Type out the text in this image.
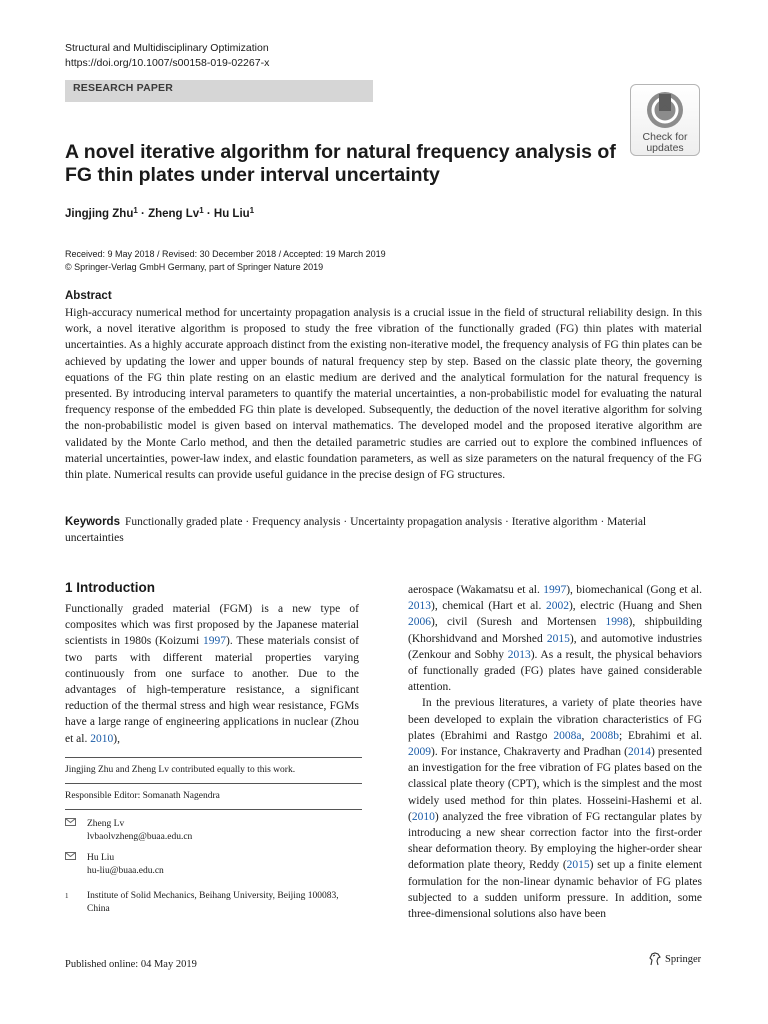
Structural and Multidisciplinary Optimization
https://doi.org/10.1007/s00158-019-02267-x
RESEARCH PAPER
Check for
updates
A novel iterative algorithm for natural frequency analysis of FG thin plates under interval uncertainty
Jingjing Zhu$^1$ · Zheng $Lv^1 \cdot Hu$ Liu$^1$
Received: 9 May 2018 / Revised: 30 December 2018 / Accepted: 19 March 2019
© Springer-Verlag GmbH Germany, part of Springer Nature 2019
Abstract

High-accuracy numerical method for uncertainty propagation analysis is a crucial issue in the field of structural reliability design. In this work, a novel iterative algorithm is proposed to study the free vibration of the functionally graded (FG) thin plates with material uncertainties. As a highly accurate approach distinct from the existing non-iterative model, the frequency analysis of FG thin plates can be achieved by updating the lower and upper bounds of natural frequency step by step. Based on the classic plate theory, the governing equations of the FG thin plate resting on an elastic medium are derived and the analytical formulation for the natural frequency is presented. By introducing interval parameters to quantify the material uncertainties, a non-probabilistic model for evaluating the natural frequency response of the embedded FG thin plate is developed. Subsequently, the deduction of the novel iterative algorithm for solving the non-probabilistic model is given based on interval mathematics. The developed model and the proposed iterative algorithm are validated by the Monte Carlo method, and then the detailed parametric studies are carried out to explore the combined influences of material uncertainties, power-law index, and elastic foundation parameters, as well as size parameters on the natural frequency of the FG thin plate. Numerical results can provide useful guidance in the precise design of FG structures.

Keywords Functionally graded plate · Frequency analysis · Uncertainty propagation analysis · Iterative algorithm · Material uncertainties
1 Introduction

Functionally graded material (FGM) is a new type of composites which was first proposed by the Japanese material scientists in 1980s (Koizumi 1997). These materials consist of two parts with different material properties varying continuously from one surface to another. Due to the advantages of high-temperature resistance, a significant reduction of the thermal stress and high wear resistance, FGMs have a large range of engineering applications in nuclear (Zhou et al. 2010),

Jingjing Zhu and Zheng Lv contributed equally to this work.
Responsible Editor: Somanath Nagendra
Zheng Lv
lvbaolvzheng@buaa.edu.cn
Hu Liu
hu-liu@buaa.edu.cn
1	Institute of Solid Mechanics, Beihang University, Beijing 100083, China

aerospace (Wakamatsu et al. 1997), biomechanical (Gong et al. 2013), chemical (Hart et al. 2002), electric (Huang and Shen 2006), civil (Suresh and Mortensen 1998), shipbuilding (Khorshidvand and Morshed 2015), and automotive industries (Zenkour and Sobhy 2013). As a result, the physical behaviors of functionally graded (FG) plates have gained considerable attention.

In the previous literatures, a variety of plate theories have been developed to explain the vibration characteristics of FG plates (Ebrahimi and Rastgo 2008a, 2008b; Ebrahimi et al. 2009). For instance, Chakraverty and Pradhan (2014) presented an investigation for the free vibration of FG plates based on the classical plate theory (CPT), which is the simplest and the most widely used method for thin plates. Hosseini-Hashemi et al. (2010) analyzed the free vibration of FG rectangular plates by introducing a new shear correction factor into the first-order shear deformation theory. By employing the higher-order shear deformation plate theory, Reddy (2015) set up a finite element formulation for the non-linear dynamic behavior of FG plates subjected to a sudden uniform pressure. In addition, some three-dimensional solutions also have been

Published online: 04 May 2019	Springer
